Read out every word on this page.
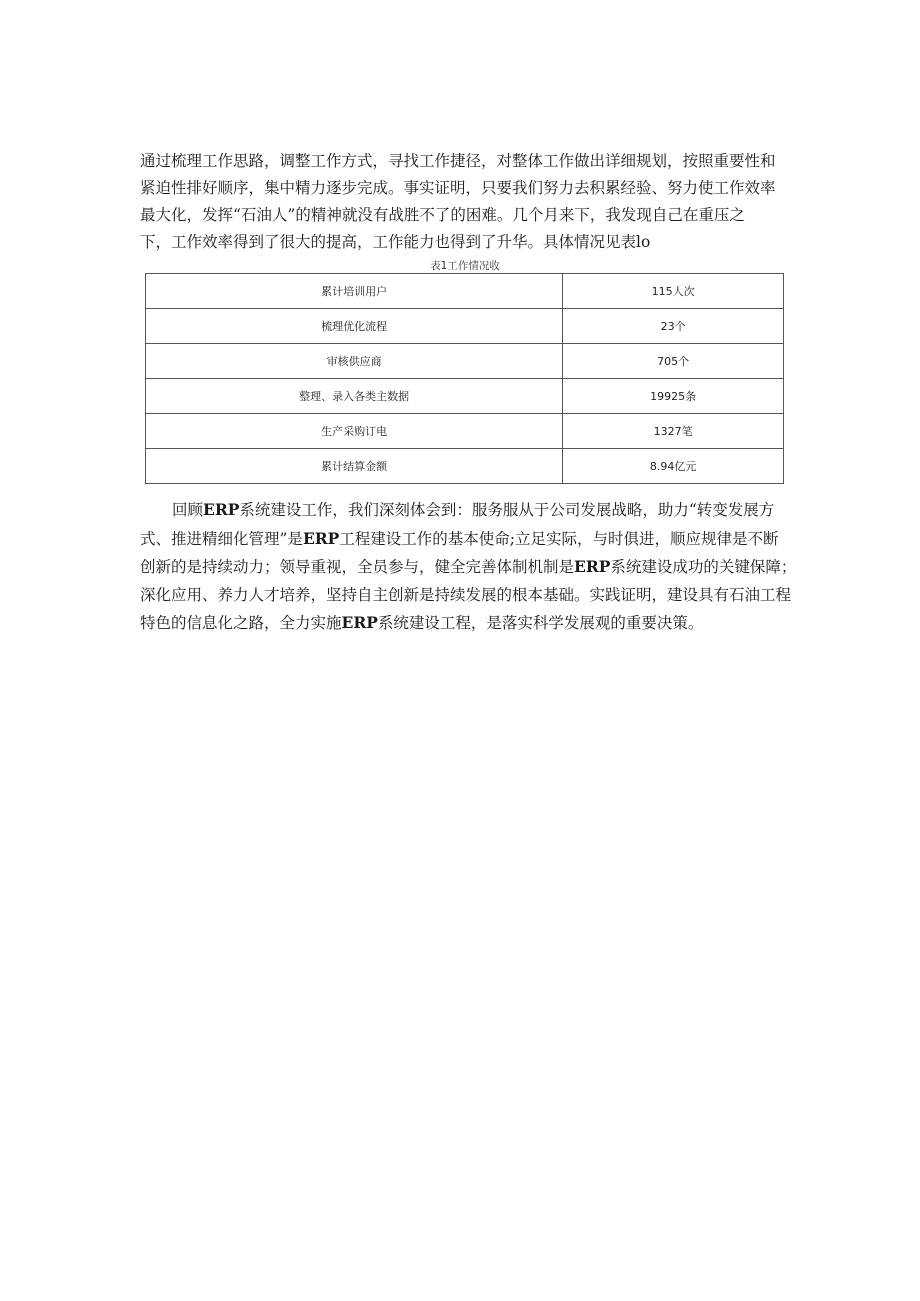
通过梳理工作思路，调整工作方式，寻找工作捷径，对整体工作做出详细规划，按照重要性和
紧迫性排好顺序，集中精力逐步完成。事实证明，只要我们努力去积累经验、努力使工作效率
最大化，发挥“石油人”的精神就没有战胜不了的困难。几个月来下，我发现自己在重压之
下，工作效率得到了很大的提高，工作能力也得到了升华。具体情况见表lo

表1工作情况收

累计培训用户	115人次
梳理优化流程	23个
审核供应商	705个
整理、录入各类主数据	19925条
生产采购订电	1327笔
累计结算金额	8.94亿元

回顾ERP系统建设工作，我们深刻体会到：服务服从于公司发展战略，助力“转变发展方
式、推进精细化管理”是ERP工程建设工作的基本使命;立足实际，与时俱进，顺应规律是不断
创新的是持续动力；领导重视，全员参与，健全完善体制机制是ERP系统建设成功的关键保障；
深化应用、养力人才培养，坚持自主创新是持续发展的根本基础。实践证明，建设具有石油工程
特色的信息化之路，全力实施ERP系统建设工程，是落实科学发展观的重要决策。
